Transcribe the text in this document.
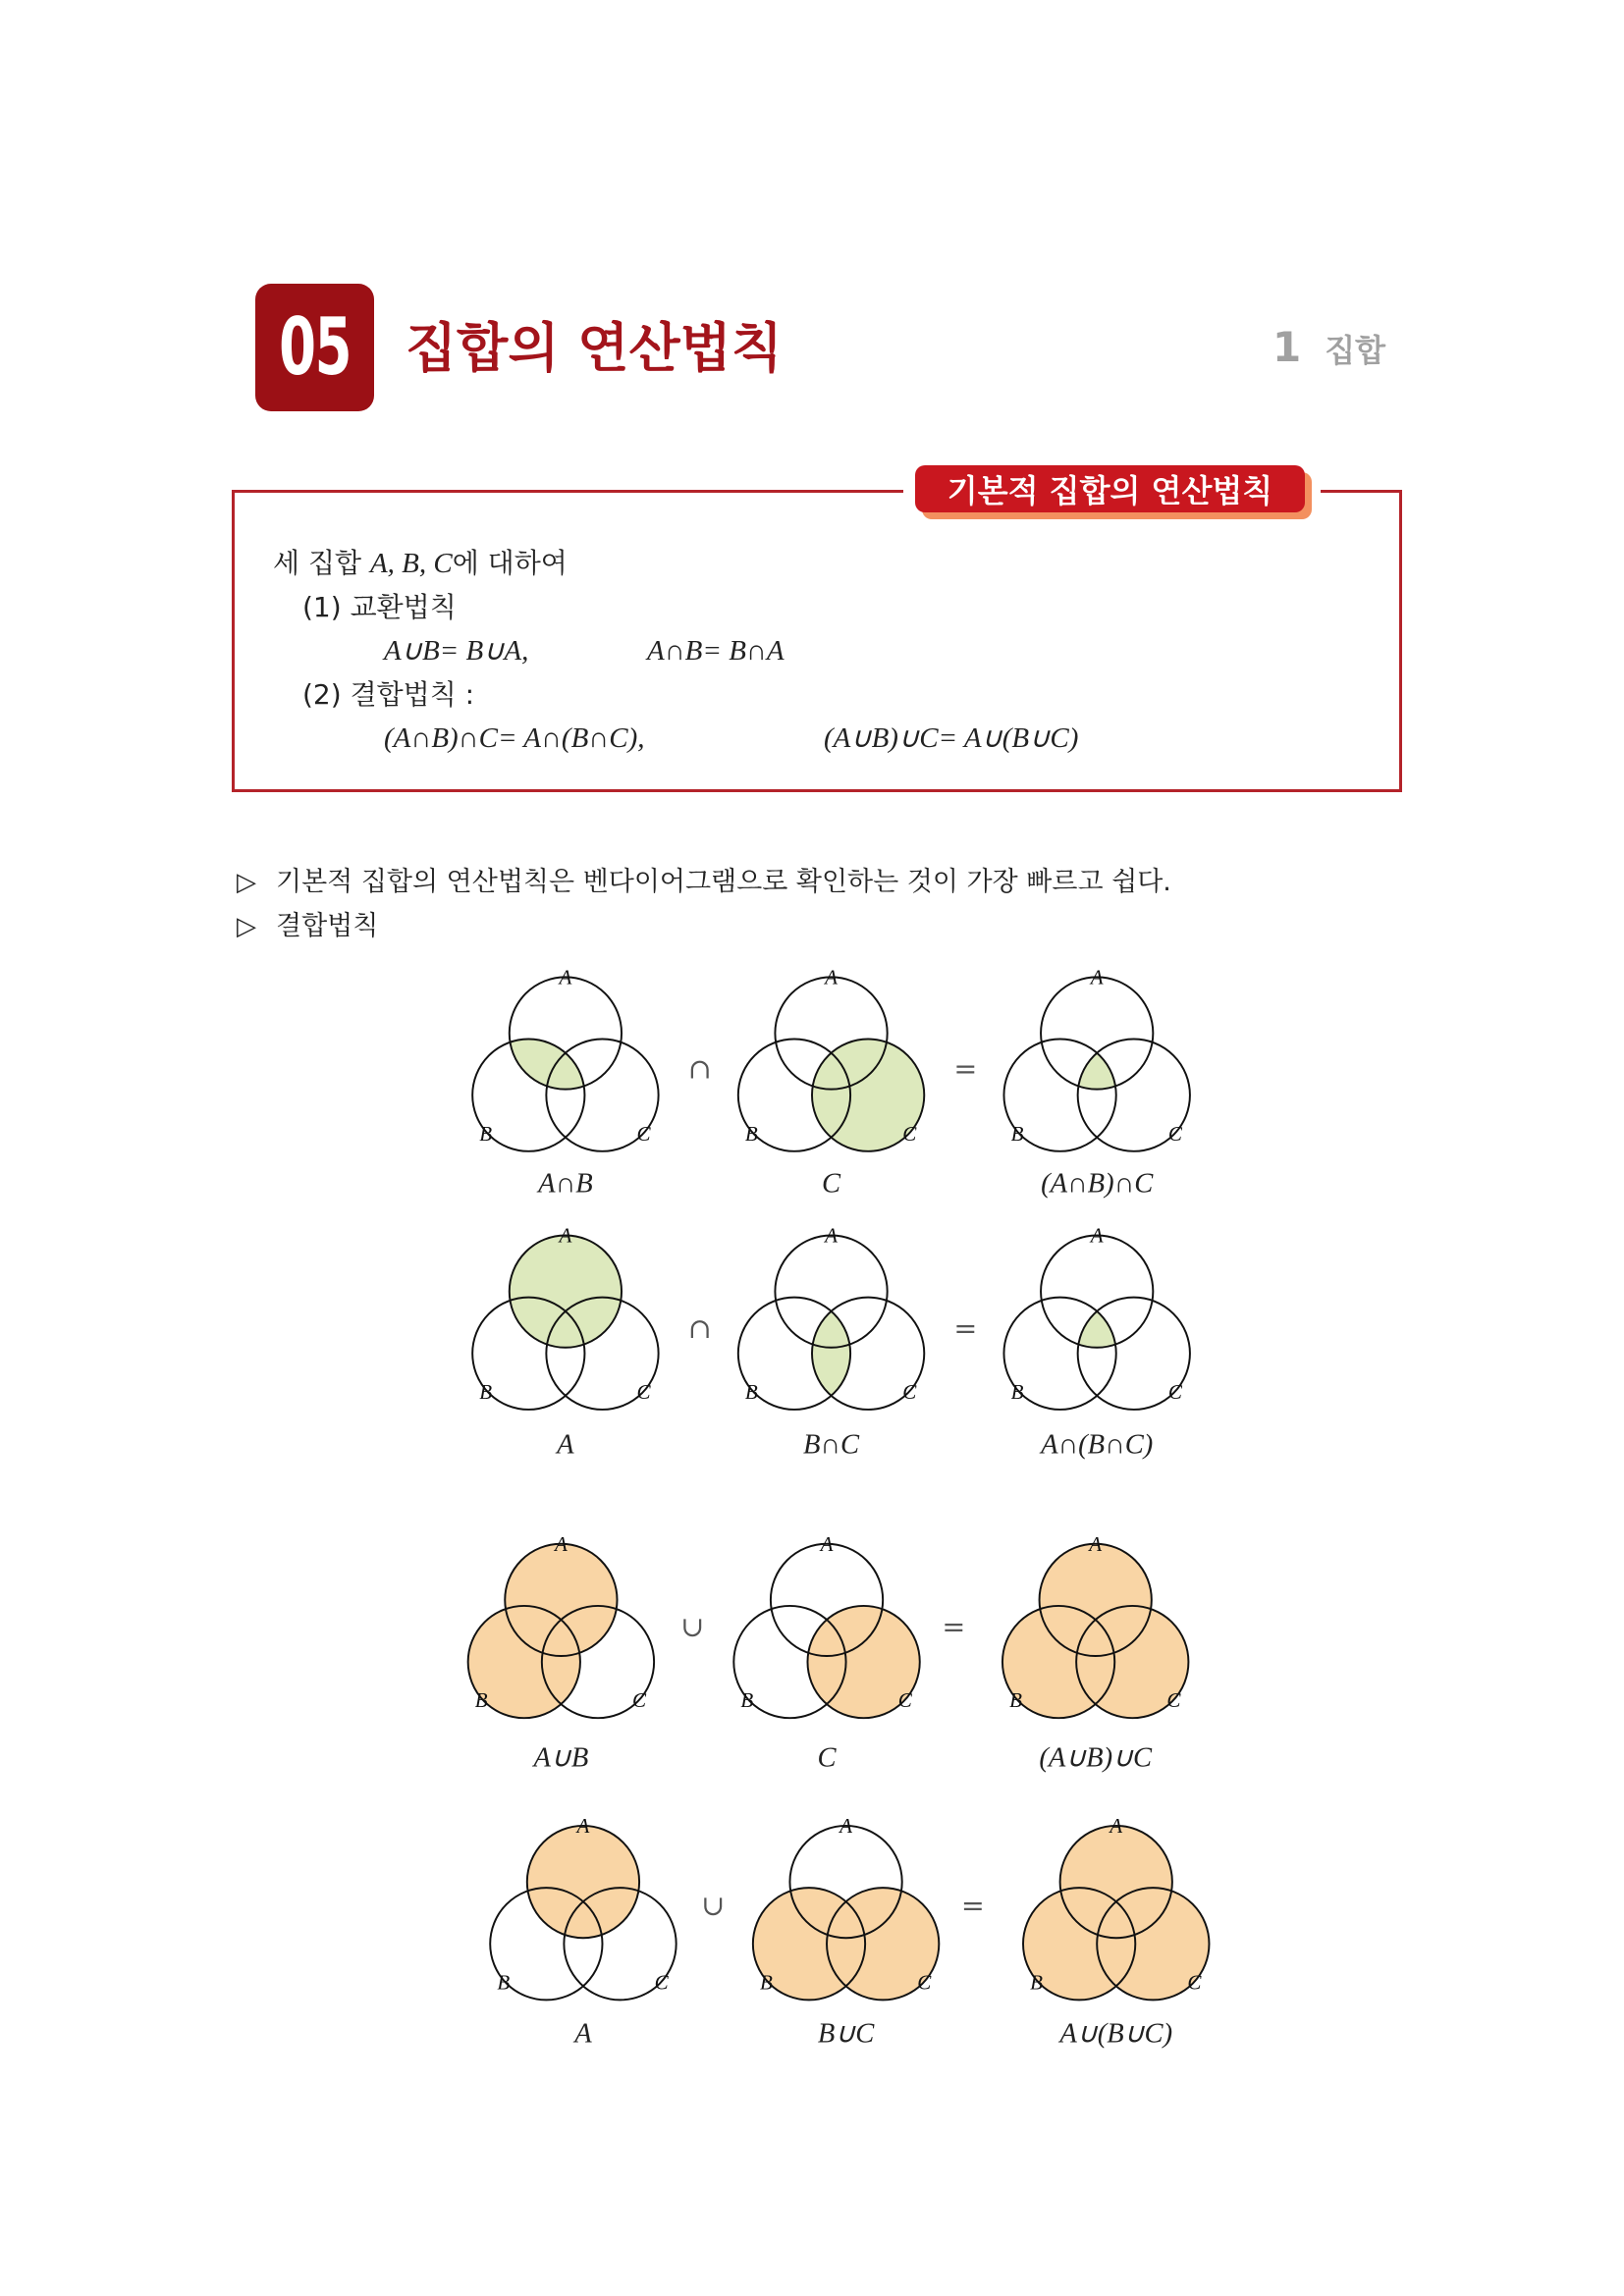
05 집합의 연산법칙	1 집합
기본적 집합의 연산법칙
세 집합 A, B, C에 대하여
(1) 교환법칙
A∪B= B∪A,	A∩B= B∩A
(2) 결합법칙 :
(A∩B)∩C= A∩(B∩C),	(A∪B)∪C= A∪(B∪C)
▷ 기본적 집합의 연산법칙은 벤다이어그램으로 확인하는 것이 가장 빠르고 쉽다.
▷ 결합법칙
A
B	C
A∩B
A
B	C
C
A
B	C
(A∩B)∩C
∩	=
A
B	C
A
A
B	C
B∩C
A
B	C
A∩(B∩C)
∩	=
A
B	C
A∪B
A
B	C
C
A
B	C
(A∪B)∪C
∪	=
A
B	C
A
A
B	C
B∪C
A
B	C
A∪(B∪C)
∪	=
